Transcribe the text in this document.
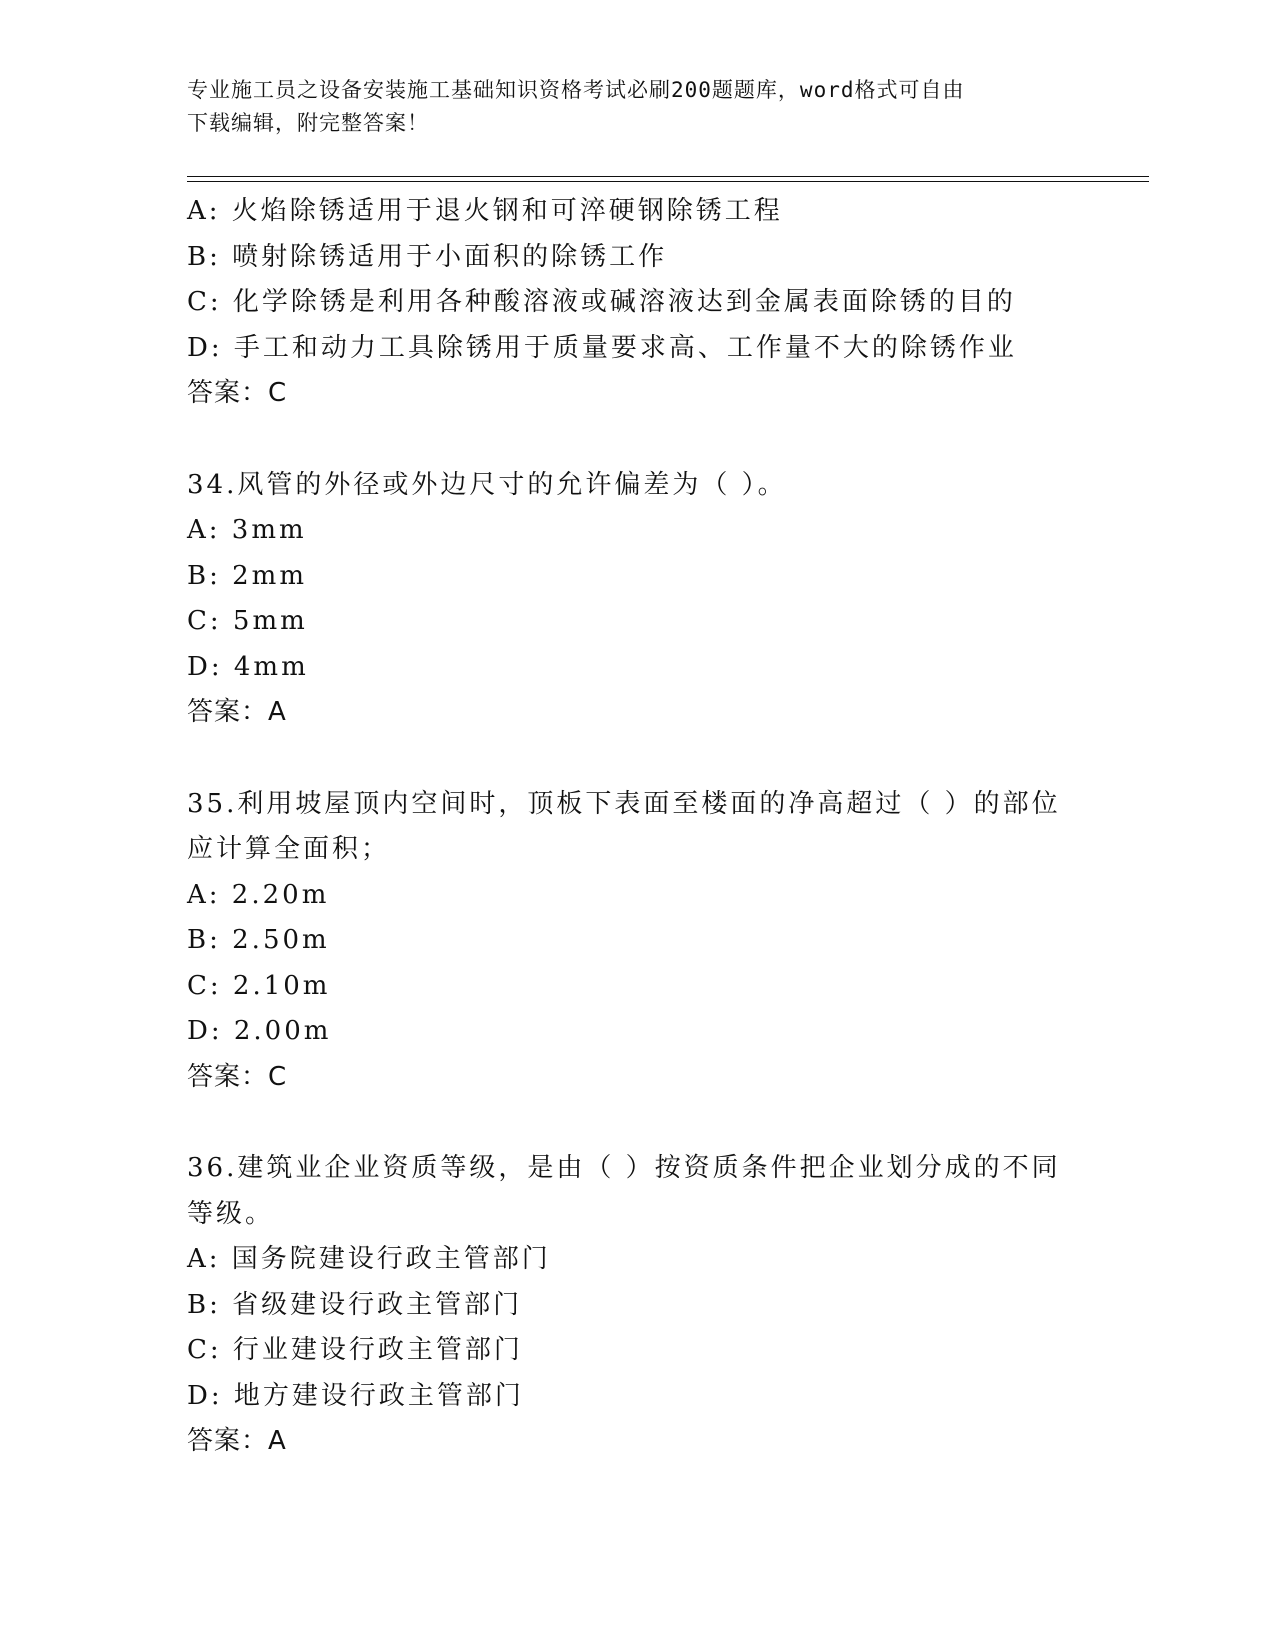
专业施工员之设备安装施工基础知识资格考试必刷200题题库，word格式可自由
下载编辑，附完整答案！
A: 火焰除锈适用于退火钢和可淬硬钢除锈工程
B: 喷射除锈适用于小面积的除锈工作
C: 化学除锈是利用各种酸溶液或碱溶液达到金属表面除锈的目的
D: 手工和动力工具除锈用于质量要求高、工作量不大的除锈作业
答案：C
34.风管的外径或外边尺寸的允许偏差为（ ）。
A: 3mm
B: 2mm
C: 5mm
D: 4mm
答案：A
35.利用坡屋顶内空间时，顶板下表面至楼面的净高超过（ ）的部位
应计算全面积；
A: 2.20m
B: 2.50m
C: 2.10m
D: 2.00m
答案：C
36.建筑业企业资质等级，是由（ ）按资质条件把企业划分成的不同
等级。
A: 国务院建设行政主管部门
B: 省级建设行政主管部门
C: 行业建设行政主管部门
D: 地方建设行政主管部门
答案：A
